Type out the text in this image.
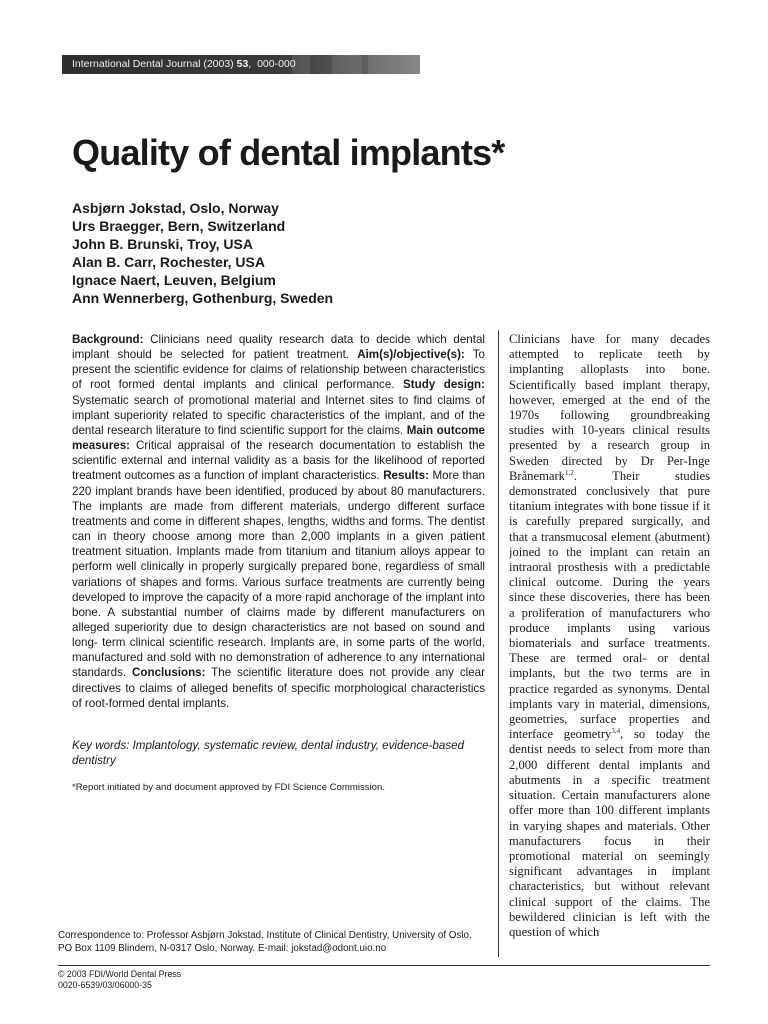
International Dental Journal (2003) 53,  000-000
Quality of dental implants*
Asbjørn Jokstad, Oslo, Norway
Urs Braegger, Bern, Switzerland
John B. Brunski, Troy, USA
Alan B. Carr, Rochester, USA
Ignace Naert, Leuven, Belgium
Ann Wennerberg, Gothenburg, Sweden

Background: Clinicians need quality research data to decide which dental implant should be selected for patient treatment. Aim(s)/objective(s): To present the scientific evidence for claims of relationship between characteristics of root formed dental implants and clinical performance. Study design: Systematic search of promotional material and Internet sites to find claims of implant superiority related to specific characteristics of the implant, and of the dental research literature to find scientific support for the claims. Main outcome measures: Critical appraisal of the research documentation to establish the scientific external and internal validity as a basis for the likelihood of reported treatment outcomes as a function of implant characteristics. Results: More than 220 implant brands have been identified, produced by about 80 manufacturers. The implants are made from different materials, undergo different surface treatments and come in different shapes, lengths, widths and forms. The dentist can in theory choose among more than 2,000 implants in a given patient treatment situation. Implants made from titanium and titanium alloys appear to perform well clinically in properly surgically prepared bone, regardless of small variations of shapes and forms. Various surface treatments are currently being developed to improve the capacity of a more rapid anchorage of the implant into bone. A substantial number of claims made by different manufacturers on alleged superiority due to design characteristics are not based on sound and long- term clinical scientific research. Implants are, in some parts of the world, manufactured and sold with no demonstration of adherence to any international standards. Conclusions: The scientific literature does not provide any clear directives to claims of alleged benefits of specific morphological characteristics of root-formed dental implants.

Key words: Implantology, systematic review, dental industry, evidence-based dentistry

*Report initiated by and document approved by FDI Science Commission.

Correspondence to: Professor Asbjørn Jokstad, Institute of Clinical Dentistry, University of Oslo, PO Box 1109 Blindern, N-0317 Oslo, Norway. E-mail: jokstad@odont.uio.no

Clinicians have for many decades attempted to replicate teeth by implanting alloplasts into bone. Scientifically based implant therapy, however, emerged at the end of the 1970s following groundbreaking studies with 10-years clinical results presented by a research group in Sweden directed by Dr Per-Inge Brånemark$^{1,2}$. Their studies demonstrated conclusively that pure titanium integrates with bone tissue if it is carefully prepared surgically, and that a transmucosal element (abutment) joined to the implant can retain an intraoral prosthesis with a predictable clinical outcome. During the years since these discoveries, there has been a proliferation of manufacturers who produce implants using various biomaterials and surface treatments. These are termed oral- or dental implants, but the two terms are in practice regarded as synonyms. Dental implants vary in material, dimensions, geometries, surface properties and interface geometry$^{3,4}$, so today the dentist needs to select from more than 2,000 different dental implants and abutments in a specific treatment situation. Certain manufacturers alone offer more than 100 different implants in varying shapes and materials. Other manufacturers focus in their promotional material on seemingly significant advantages in implant characteristics, but without relevant clinical support of the claims. The bewildered clinician is left with the question of which

© 2003 FDI/World Dental Press
0020-6539/03/06000-35
